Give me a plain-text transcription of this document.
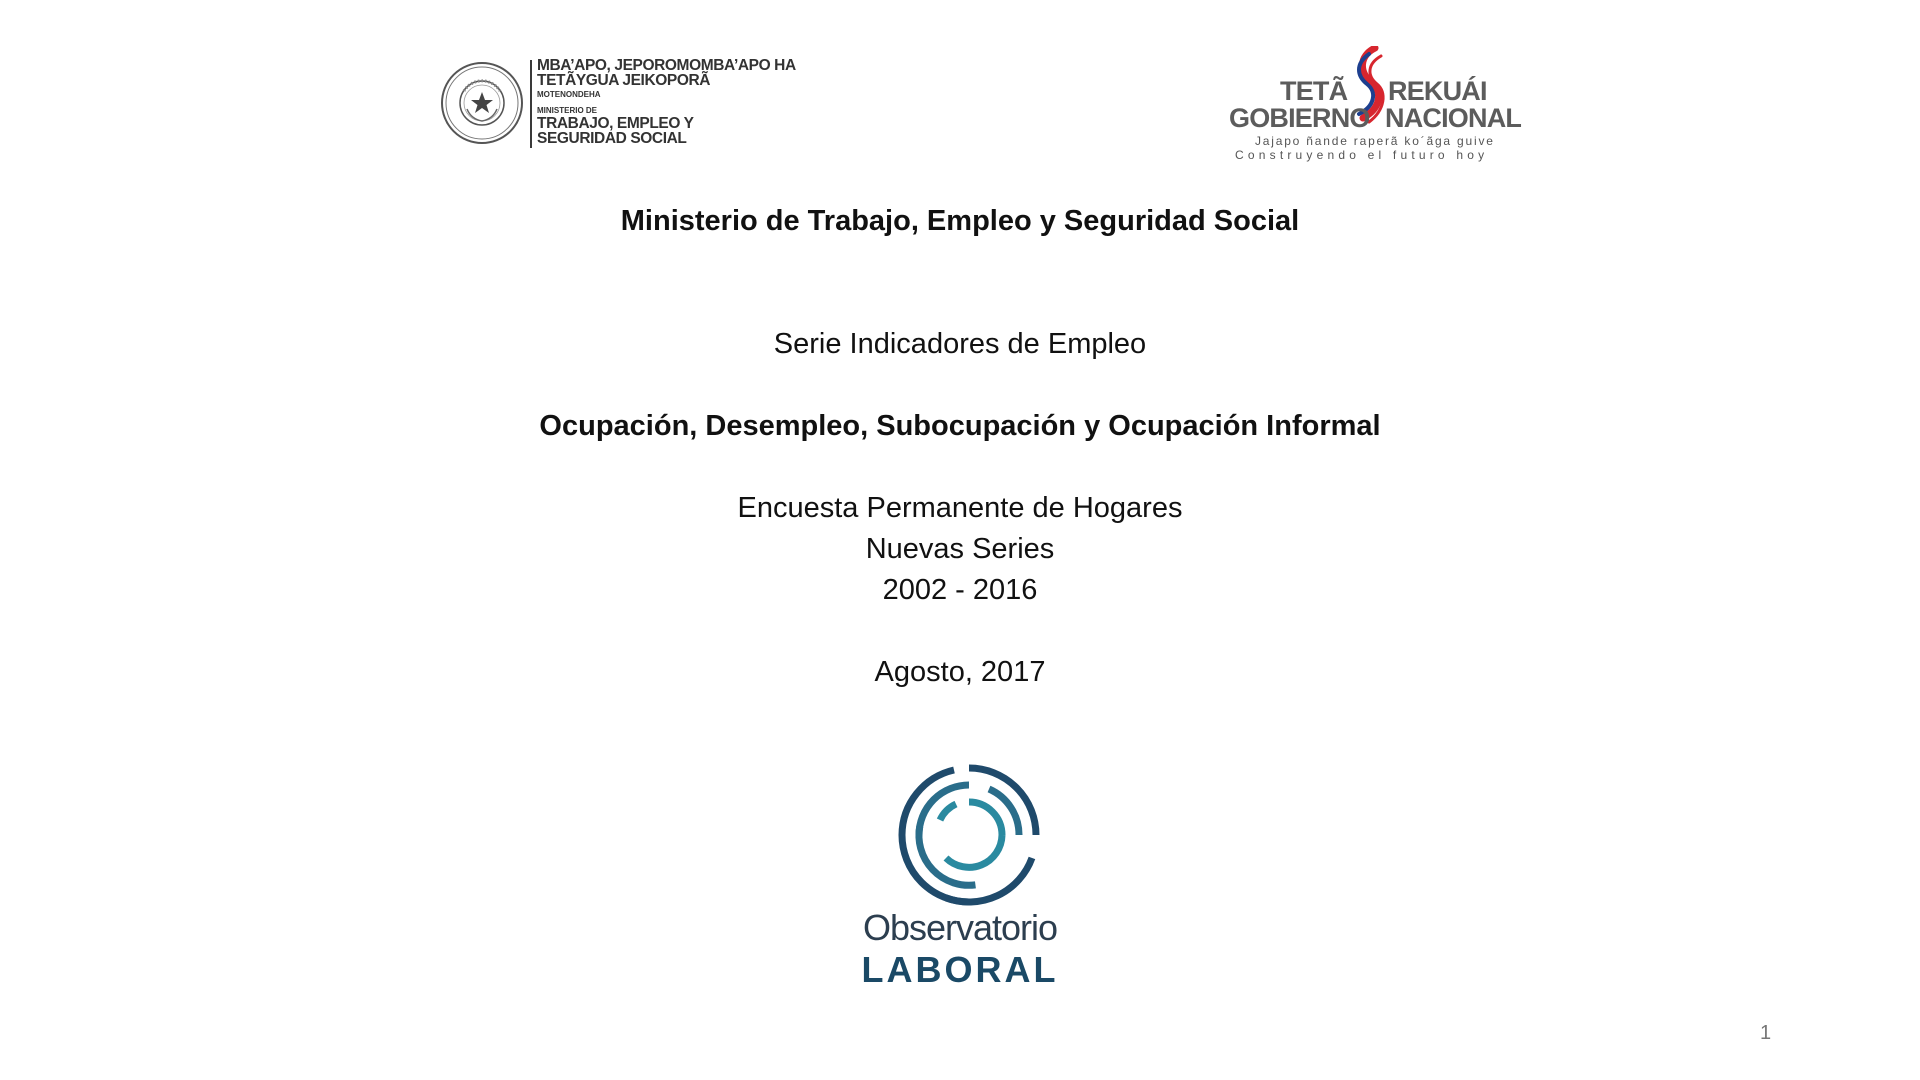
MBA’APO, JEPOROMOMBA’APO HA
TETÃYGUA JEIKOPORÃ
MOTENONDEHA
MINISTERIO DE
TRABAJO, EMPLEO Y
SEGURIDAD SOCIAL
TETÃ REKUÁI
GOBIERNO NACIONAL
Jajapo ñande raperã ko´ãga guive
Construyendo el futuro hoy
Ministerio de Trabajo, Empleo y Seguridad Social
Serie Indicadores de Empleo
Ocupación, Desempleo, Subocupación y Ocupación Informal
Encuesta Permanente de Hogares
Nuevas Series
2002 - 2016
Agosto, 2017
Observatorio
LABORAL
1
